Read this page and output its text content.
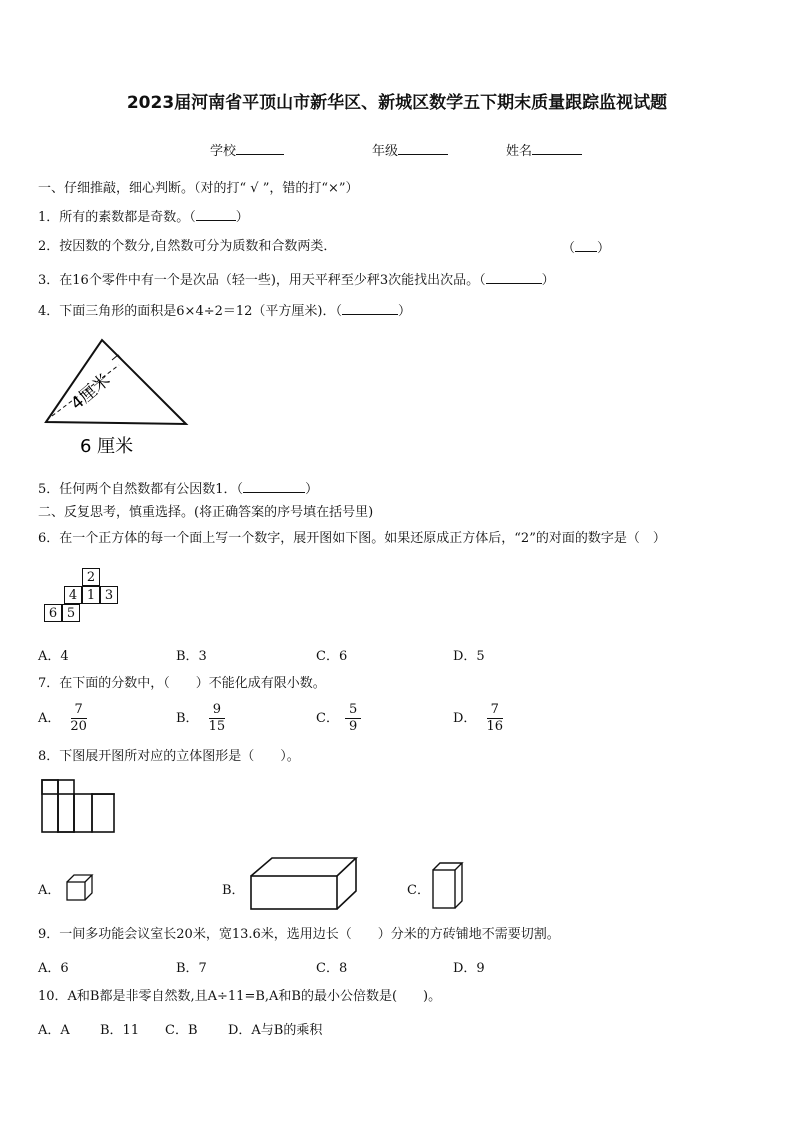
2023届河南省平顶山市新华区、新城区数学五下期末质量跟踪监视试题
学校	年级	姓名
一、仔细推敲，细心判断。（对的打“ √ ”，错的打“×”）
1．所有的素数都是奇数。（	）
2．按因数的个数分,自然数可分为质数和合数两类．	（ ）
3．在16个零件中有一个是次品（轻一些)，用天平秤至少秤3次能找出次品。（	）
4．下面三角形的面积是6×4÷2＝12（平方厘米)．（	）
4厘米
6 厘米
5．任何两个自然数都有公因数1．（	）
二、反复思考，慎重选择。(将正确答案的序号填在括号里)
6．在一个正方体的每一个面上写一个数字，展开图如下图。如果还原成正方体后，“2”的对面的数字是（　）
2
4 1 3
6 5
A．4	B．3	C．6	D．5
7．在下面的分数中，（　　）不能化成有限小数。
A． $\frac{7}{20}$	B． $\frac{9}{15}$	C． $\frac{5}{9}$	D． $\frac{7}{16}$
8．下图展开图所对应的立体图形是（　　）。
A．	B．	C．
9．一间多功能会议室长20米，宽13.6米，选用边长（　　）分米的方砖铺地不需要切割。
A．6	B．7	C．8	D．9
10．A和B都是非零自然数,且A÷11=B,A和B的最小公倍数是(　　)。
A．A B．11 C．B D．A与B的乘积
